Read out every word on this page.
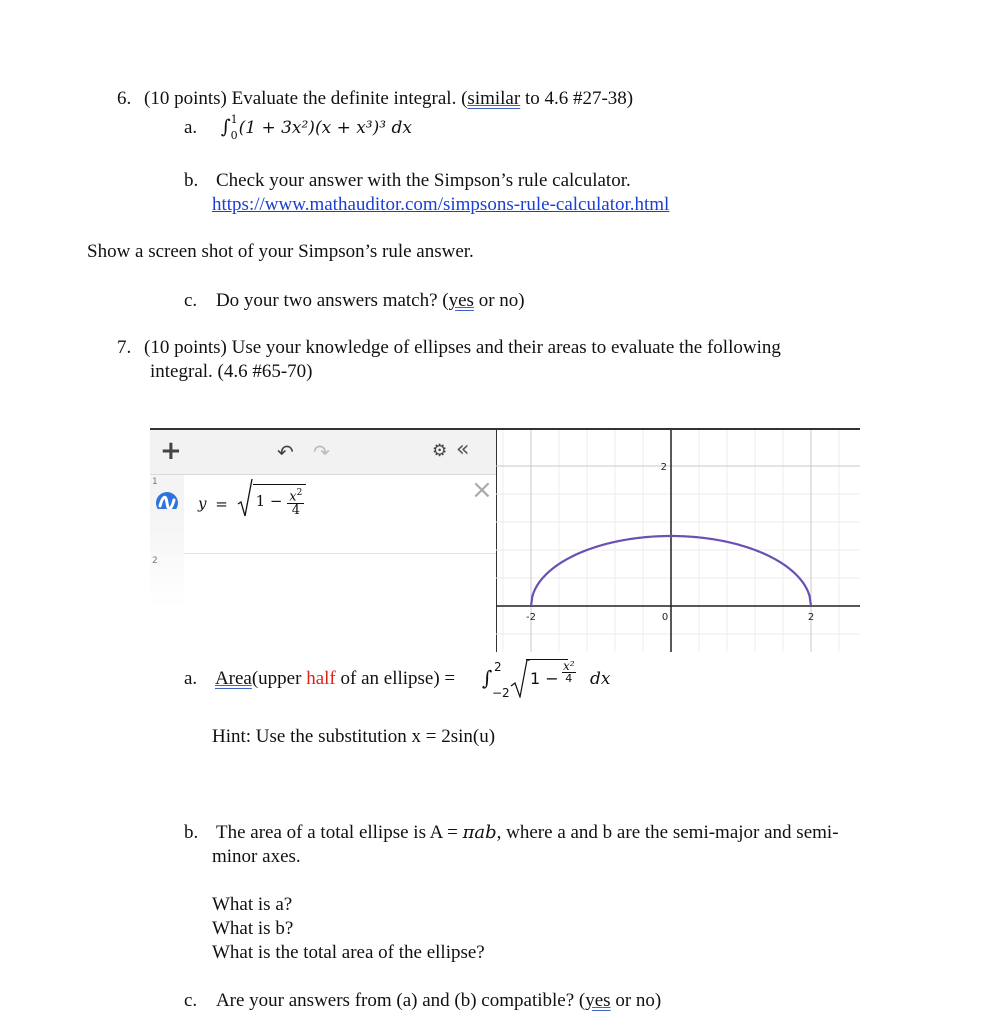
6. (10 points) Evaluate the definite integral. (similar to 4.6 #27-38)
a. ∫ 1
0 (1 + 3x²)(x + x³)³ dx
b. Check your answer with the Simpson’s rule calculator.
https://www.mathauditor.com/simpsons-rule-calculator.html
Show a screen shot of your Simpson’s rule answer.
c. Do your two answers match? (yes or no)
7. (10 points) Use your knowledge of ellipses and their areas to evaluate the following
integral. (4.6 #65-70)
+	↶ ↷	⚙ «
1
$y = 1 - \frac{x^2}{4}$	×
2
2
-2	0	2
a. Area(upper half of an ellipse) = ∫ 2
−2
$1 - \frac{\text{x²}}{4}$ dx
Hint: Use the substitution x = 2sin(u)
b. The area of a total ellipse is A = πab, where a and b are the semi-major and semi-
minor axes.
What is a?
What is b?
What is the total area of the ellipse?
c. Are your answers from (a) and (b) compatible? (yes or no)
